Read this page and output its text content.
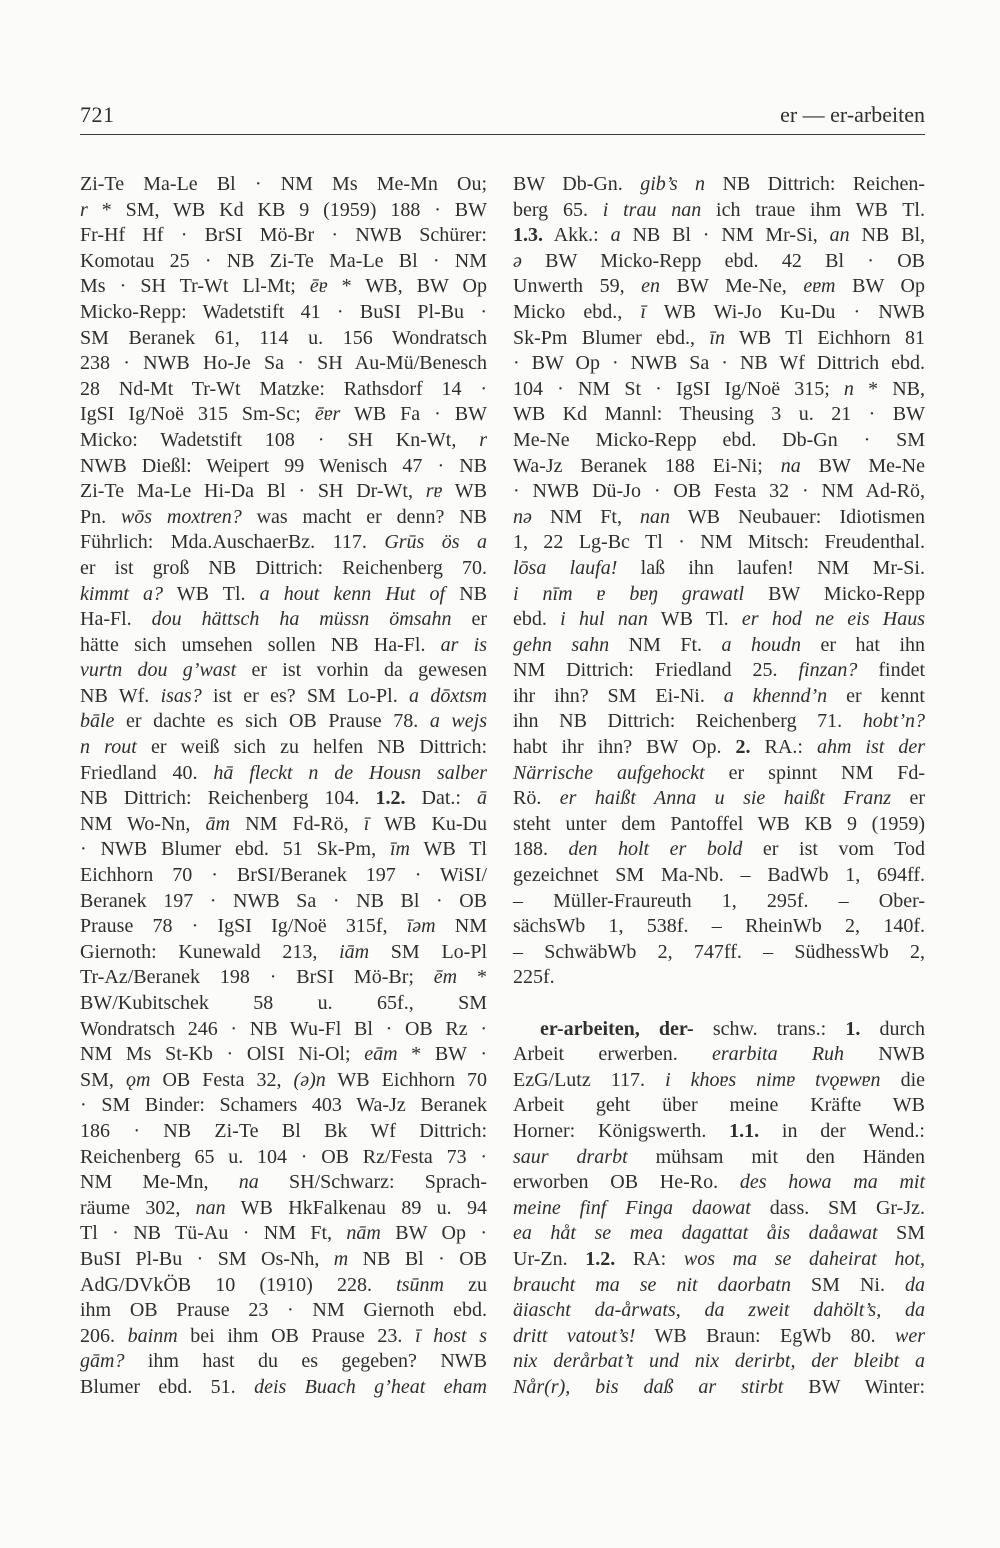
721	er — er-arbeiten
Zi-Te Ma-Le Bl · NM Ms Me-Mn Ou;
r * SM, WB Kd KB 9 (1959) 188 · BW
Fr-Hf Hf · BrSI Mö-Br · NWB Schürer:
Komotau 25 · NB Zi-Te Ma-Le Bl · NM
Ms · SH Tr-Wt Ll-Mt; ēɐ * WB, BW Op
Micko-Repp: Wadetstift 41 · BuSI Pl-Bu ·
SM Beranek 61, 114 u. 156 Wondratsch
238 · NWB Ho-Je Sa · SH Au-Mü/Benesch
28 Nd-Mt Tr-Wt Matzke: Rathsdorf 14 ·
IgSI Ig/Noë 315 Sm-Sc; ēɐr WB Fa · BW
Micko: Wadetstift 108 · SH Kn-Wt, r
NWB Dießl: Weipert 99 Wenisch 47 · NB
Zi-Te Ma-Le Hi-Da Bl · SH Dr-Wt, rɐ WB
Pn. wōs moxtren? was macht er denn? NB
Führlich: Mda.AuschaerBz. 117. Grūs ös a
er ist groß NB Dittrich: Reichenberg 70.
kimmt a? WB Tl. a hout kenn Hut of NB
Ha-Fl. dou hättsch ha müssn ömsahn er
hätte sich umsehen sollen NB Ha-Fl. ar is
vurtn dou g’wast er ist vorhin da gewesen
NB Wf. isas? ist er es? SM Lo-Pl. a dōxtsm
bāle er dachte es sich OB Prause 78. a wejs
n rout er weiß sich zu helfen NB Dittrich:
Friedland 40. hā fleckt n de Housn salber
NB Dittrich: Reichenberg 104. 1.2. Dat.: ā
NM Wo-Nn, ām NM Fd-Rö, ī WB Ku-Du
· NWB Blumer ebd. 51 Sk-Pm, īm WB Tl
Eichhorn 70 · BrSI/Beranek 197 · WiSI/
Beranek 197 · NWB Sa · NB Bl · OB
Prause 78 · IgSI Ig/Noë 315f, īəm NM
Giernoth: Kunewald 213, iām SM Lo-Pl
Tr-Az/Beranek 198 · BrSI Mö-Br; ēm *
BW/Kubitschek 58 u. 65f., SM
Wondratsch 246 · NB Wu-Fl Bl · OB Rz ·
NM Ms St-Kb · OlSI Ni-Ol; eām * BW ·
SM, ǫm OB Festa 32, (ə)n WB Eichhorn 70
· SM Binder: Schamers 403 Wa-Jz Beranek
186 · NB Zi-Te Bl Bk Wf Dittrich:
Reichenberg 65 u. 104 · OB Rz/Festa 73 ·
NM Me-Mn, na SH/Schwarz: Sprach-
räume 302, nan WB HkFalkenau 89 u. 94
Tl · NB Tü-Au · NM Ft, nām BW Op ·
BuSI Pl-Bu · SM Os-Nh, m NB Bl · OB
AdG/DVkÖB 10 (1910) 228. tsūnm zu
ihm OB Prause 23 · NM Giernoth ebd.
206. bainm bei ihm OB Prause 23. ī host s
gām? ihm hast du es gegeben? NWB
Blumer ebd. 51. deis Buach g’heat eham
BW Db-Gn. gib’s n NB Dittrich: Reichen-
berg 65. i trau nan ich traue ihm WB Tl.
1.3. Akk.: a NB Bl · NM Mr-Si, an NB Bl,
ə BW Micko-Repp ebd. 42 Bl · OB
Unwerth 59, en BW Me-Ne, eɐm BW Op
Micko ebd., ī WB Wi-Jo Ku-Du · NWB
Sk-Pm Blumer ebd., īn WB Tl Eichhorn 81
· BW Op · NWB Sa · NB Wf Dittrich ebd.
104 · NM St · IgSI Ig/Noë 315; n * NB,
WB Kd Mannl: Theusing 3 u. 21 · BW
Me-Ne Micko-Repp ebd. Db-Gn · SM
Wa-Jz Beranek 188 Ei-Ni; na BW Me-Ne
· NWB Dü-Jo · OB Festa 32 · NM Ad-Rö,
nə NM Ft, nan WB Neubauer: Idiotismen
1, 22 Lg-Bc Tl · NM Mitsch: Freudenthal.
lōsa laufa! laß ihn laufen! NM Mr-Si.
i nīm ɐ bɐŋ grawatl BW Micko-Repp
ebd. i hul nan WB Tl. er hod ne eis Haus
gehn sahn NM Ft. a houdn er hat ihn
NM Dittrich: Friedland 25. finzan? findet
ihr ihn? SM Ei-Ni. a khennd’n er kennt
ihn NB Dittrich: Reichenberg 71. hobt’n?
habt ihr ihn? BW Op. 2. RA.: ahm ist der
Närrische aufgehockt er spinnt NM Fd-
Rö. er haißt Anna u sie haißt Franz er
steht unter dem Pantoffel WB KB 9 (1959)
188. den holt er bold er ist vom Tod
gezeichnet SM Ma-Nb. – BadWb 1, 694ff.
– Müller-Fraureuth 1, 295f. – Ober-
sächsWb 1, 538f. – RheinWb 2, 140f.
– SchwäbWb 2, 747ff. – SüdhessWb 2,
225f.
er-arbeiten, der- schw. trans.: 1. durch
Arbeit erwerben. erarbita Ruh NWB
EzG/Lutz 117. i khoɐs nimɐ tvǫɐwɐn die
Arbeit geht über meine Kräfte WB
Horner: Königswerth. 1.1. in der Wend.:
saur drarbt mühsam mit den Händen
erworben OB He-Ro. des howa ma mit
meine finf Finga daowat dass. SM Gr-Jz.
ea håt se mea dagattat åis daåawat SM
Ur-Zn. 1.2. RA: wos ma se daheirat hot,
braucht ma se nit daorbatn SM Ni. da
äiascht da-årwats, da zweit dahölt’s, da
dritt vatout’s! WB Braun: EgWb 80. wer
nix derårbat’t und nix derirbt, der bleibt a
Når(r), bis daß ar stirbt BW Winter:
